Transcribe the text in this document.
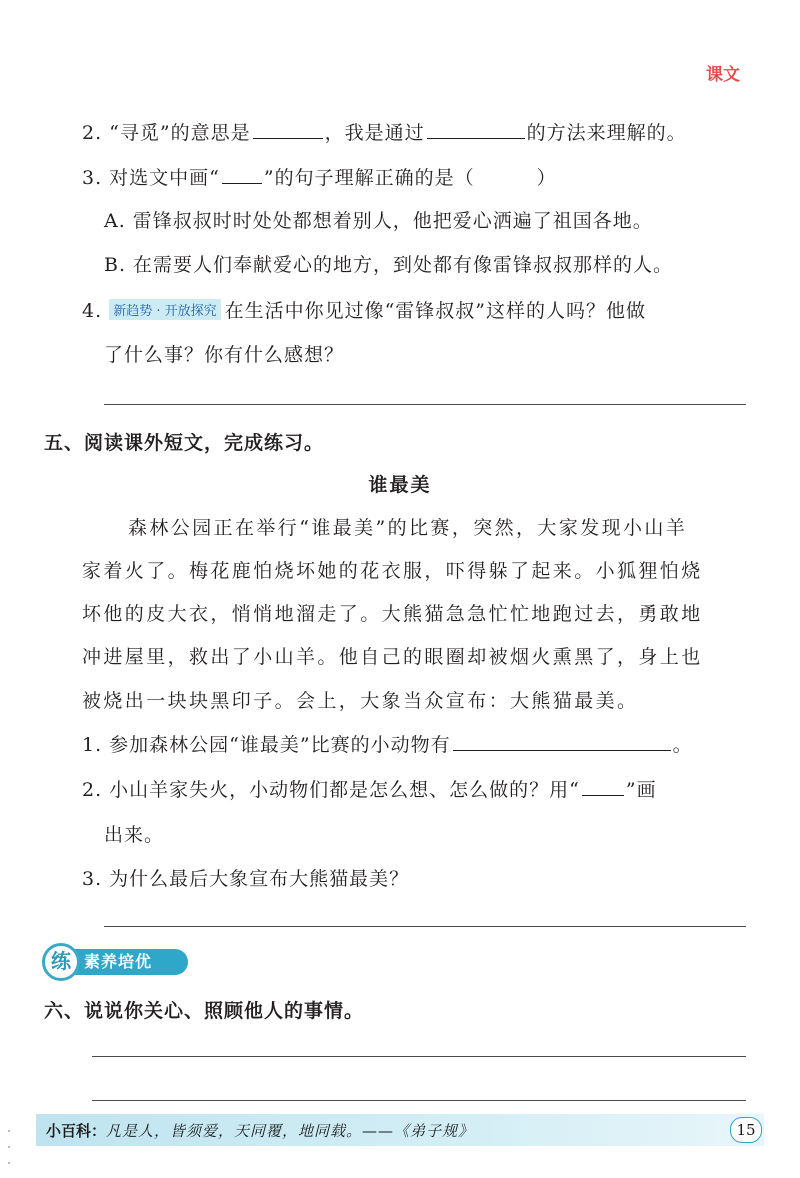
课文
2. “寻觅”的意思是	，我是通过	的方法来理解的。
3. 对选文中画“ ”的句子理解正确的是（	）
A. 雷锋叔叔时时处处都想着别人，他把爱心洒遍了祖国各地。
B. 在需要人们奉献爱心的地方，到处都有像雷锋叔叔那样的人。
4. 新趋势 · 开放探究 在生活中你见过像“雷锋叔叔”这样的人吗？他做
了什么事？你有什么感想？
五、阅读课外短文，完成练习。
谁最美
森林公园正在举行“谁最美”的比赛，突然，大家发现小山羊
家着火了。梅花鹿怕烧坏她的花衣服，吓得躲了起来。小狐狸怕烧
坏他的皮大衣，悄悄地溜走了。大熊猫急急忙忙地跑过去，勇敢地
冲进屋里，救出了小山羊。他自己的眼圈却被烟火熏黑了，身上也
被烧出一块块黑印子。会上，大象当众宣布：大熊猫最美。
1. 参加森林公园“谁最美”比赛的小动物有	。
2. 小山羊家失火，小动物们都是怎么想、怎么做的？用“ ”画
出来。
3. 为什么最后大象宣布大熊猫最美？
素养培优
练
六、说说你关心、照顾他人的事情。
小百科： 凡是人，皆须爱，天同覆，地同载。——《弟子规》	15
